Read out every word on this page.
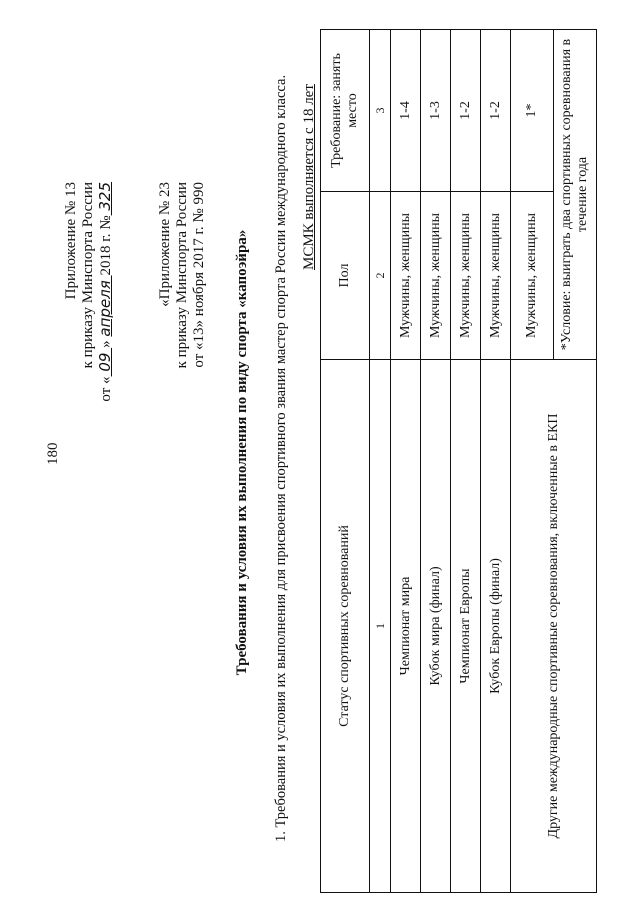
180
Приложение № 13 к приказу Минспорта России
от « 09 » апреля 2018 г. № 325	«Приложение № 23 к приказу Минспорта России от «13» ноября 2017 г. № 990 Требования и условия их выполнения по виду спорта «капоэйра» 1. Требования и условия их выполнения для присвоения спортивного звания мастер спорта России международного класса. МСМК выполняется с 18 лет
Статус спортивных соревнований	Пол	Требование: занять место
1	2	3
Чемпионат мира	Мужчины, женщины	1-4
Кубок мира (финал)	Мужчины, женщины	1-3
Чемпионат Европы	Мужчины, женщины	1-2
Кубок Европы (финал)	Мужчины, женщины	1-2
Другие международные спортивные соревнования, включенные в ЕКП	Мужчины, женщины	1*
	*Условие: выиграть два спортивных соревнования в течение года	
